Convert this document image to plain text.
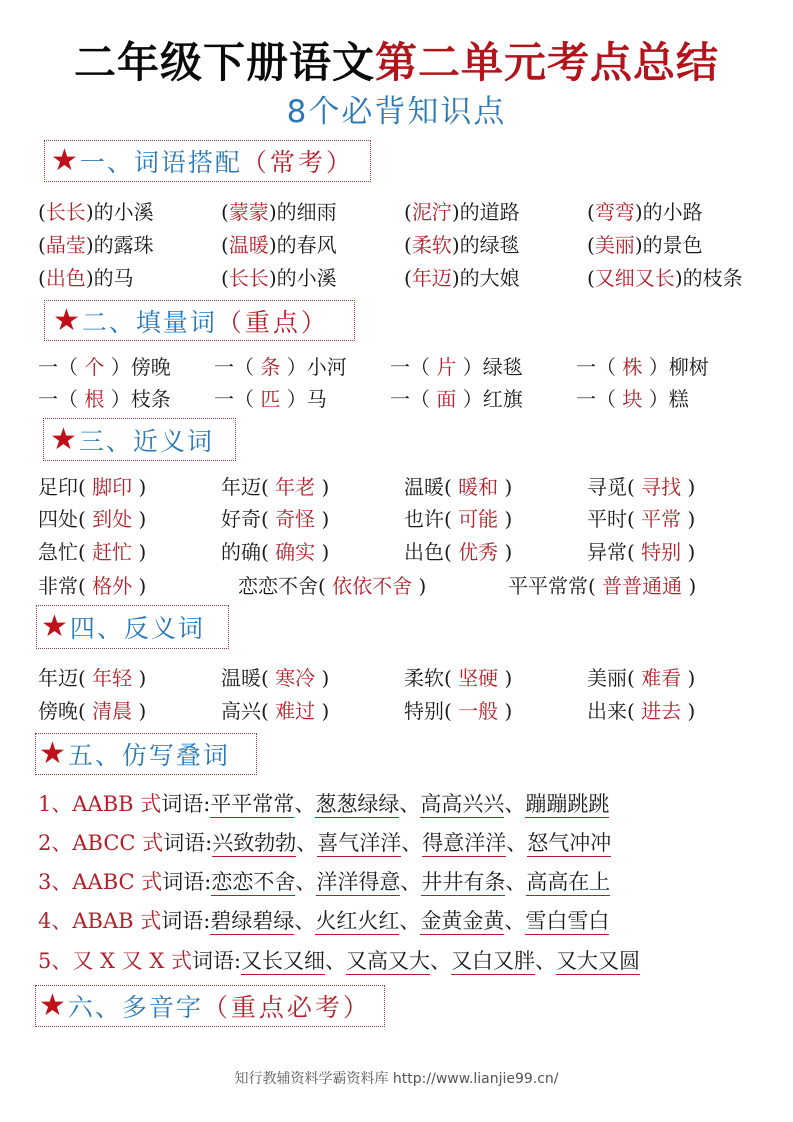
二年级下册语文第二单元考点总结
8个必背知识点
★ 一、词语搭配 （常考）
(长长)的小溪	(蒙蒙)的细雨	(泥泞)的道路	(弯弯)的小路
(晶莹)的露珠	(温暖)的春风	(柔软)的绿毯	(美丽)的景色
(出色)的马	(长长)的小溪	(年迈)的大娘	(又细又长)的枝条
★ 二、填量词 （重点）
一（ 个 ）傍晚 一（ 条 ）小河 一（ 片 ）绿毯	一（ 株 ）柳树
一（ 根 ）枝条 一（ 匹 ）马	一（ 面 ）红旗	一（ 块 ）糕
★ 三、近义词
足印( 脚印 )	年迈( 年老 )	温暖( 暖和 )	寻觅( 寻找 )
四处( 到处 )	好奇( 奇怪 )	也许( 可能 )	平时( 平常 )
急忙( 赶忙 )	的确( 确实 )	出色( 优秀 )	异常( 特别 )
非常( 格外 )	恋恋不舍( 依依不舍 )	平平常常( 普普通通 )
★ 四、反义词
年迈( 年轻 )	温暖( 寒冷 )	柔软( 坚硬 )	美丽( 难看 )
傍晚( 清晨 )	高兴( 难过 )	特别( 一般 )	出来( 进去 )
★ 五、仿写叠词
1、AABB 式词语:平平常常、葱葱绿绿、高高兴兴、蹦蹦跳跳
2、ABCC 式词语:兴致勃勃、喜气洋洋、得意洋洋、怒气冲冲
3、AABC 式词语:恋恋不舍、洋洋得意、井井有条、高高在上
4、ABAB 式词语:碧绿碧绿、火红火红、金黄金黄、雪白雪白
5、又 X 又 X 式词语:又长又细、又高又大、又白又胖、又大又圆
★ 六、多音字 （重点必考）
知行教辅资料学霸资料库 http://www.lianjie99.cn/
